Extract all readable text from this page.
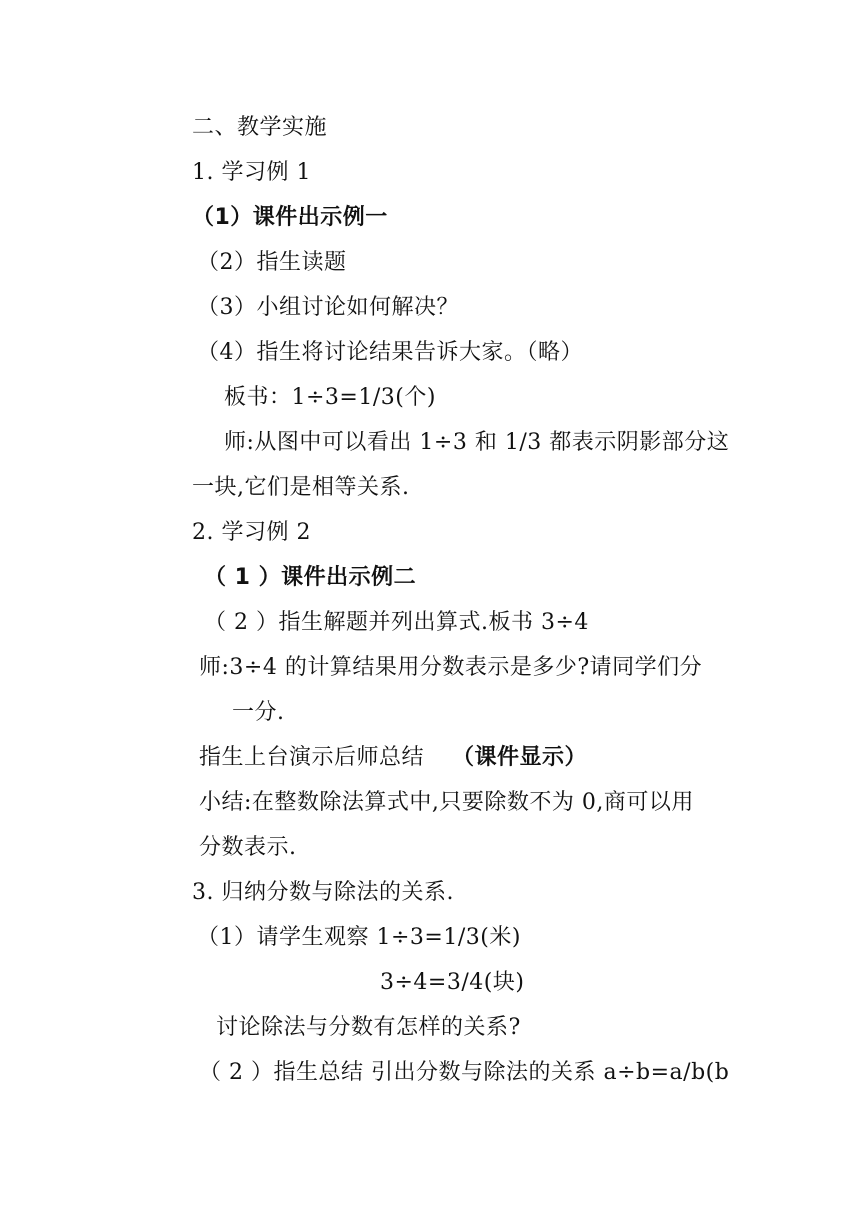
二、教学实施
1. 学习例 1
（1）课件出示例一
（2）指生读题
（3）小组讨论如何解决？
（4）指生将讨论结果告诉大家。（略）
板书：1÷3=1/3(个)
师:从图中可以看出 1÷3 和 1/3 都表示阴影部分这
一块,它们是相等关系.
2. 学习例 2
（ 1 ）课件出示例二
（ 2 ）指生解题并列出算式.板书 3÷4
师:3÷4 的计算结果用分数表示是多少?请同学们分
一分.
指生上台演示后师总结 （课件显示）
小结:在整数除法算式中,只要除数不为 0,商可以用
分数表示.
3. 归纳分数与除法的关系.
（1）请学生观察 1÷3=1/3(米)
3÷4=3/4(块)
讨论除法与分数有怎样的关系?
（ 2 ）指生总结 引出分数与除法的关系 a÷b=a/b(b
